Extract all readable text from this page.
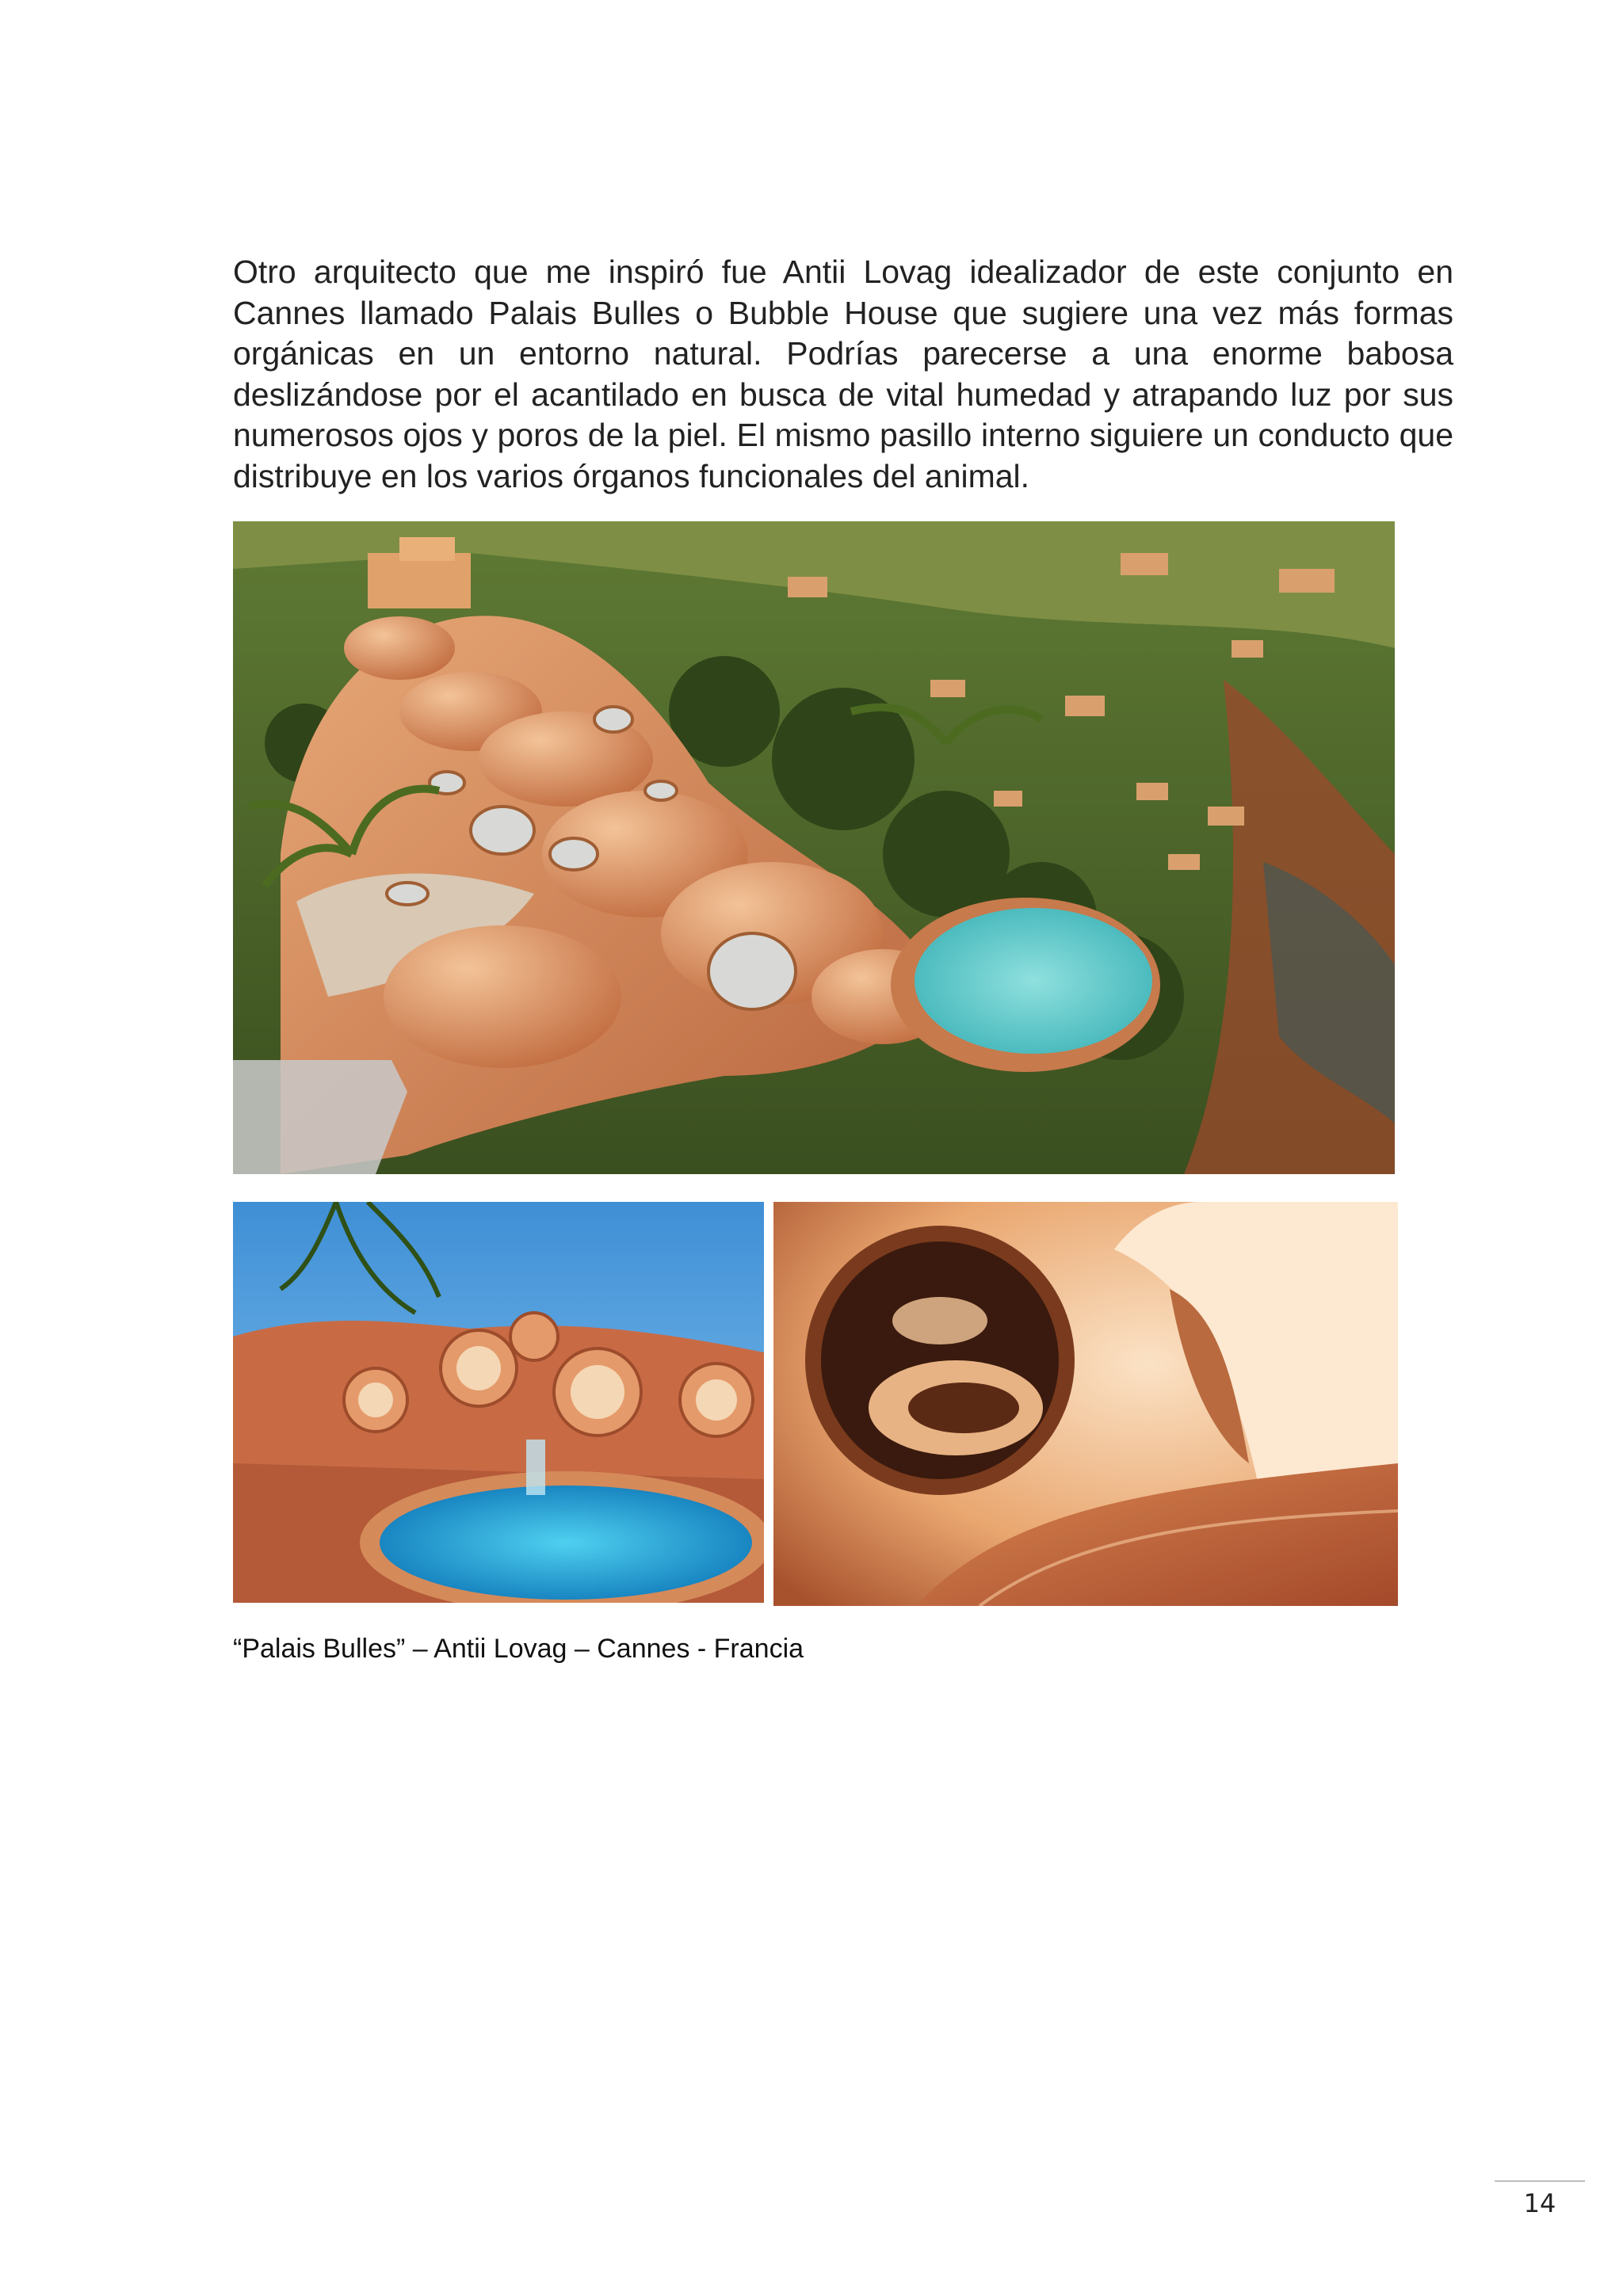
Otro arquitecto que me inspiró fue Antii Lovag idealizador de este conjunto en Cannes llamado Palais Bulles o Bubble House que sugiere una vez más formas orgánicas en un entorno natural. Podrías parecerse a una enorme babosa deslizándose por el acantilado en busca de vital humedad y atrapando luz por sus numerosos ojos y poros de la piel. El mismo pasillo interno siguiere un conducto que distribuye en los varios órganos funcionales del animal.

“Palais Bulles” – Antii Lovag – Cannes - Francia

14
